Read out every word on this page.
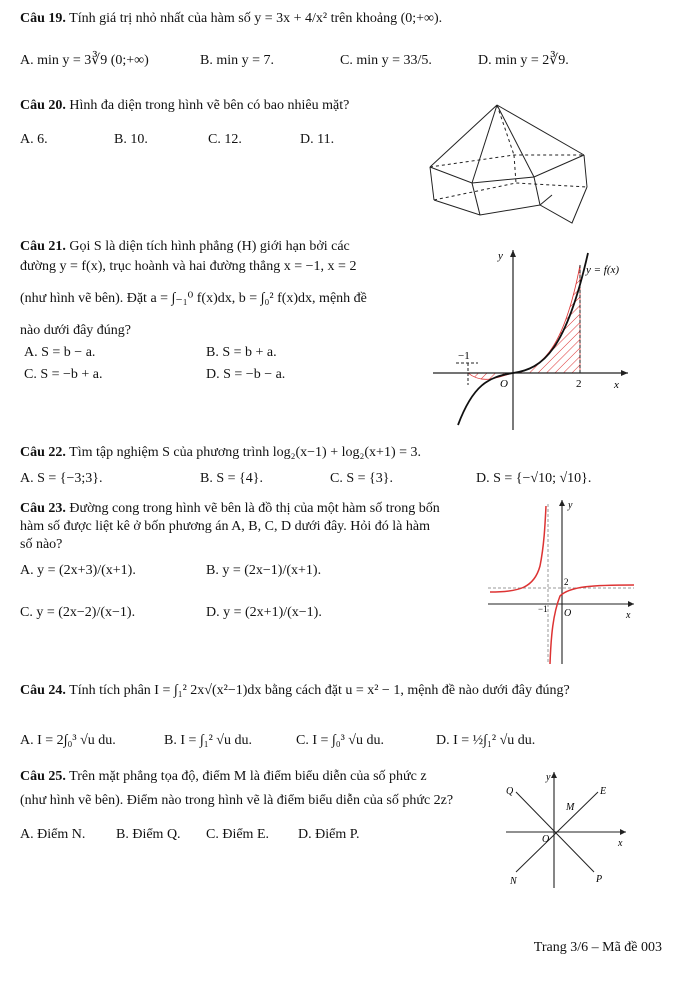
Câu 19. Tính giá trị nhỏ nhất của hàm số y = 3x + 4/x² trên khoảng (0;+∞).
A. min y = 3∛9 (0;+∞)	B. min y = 7.	C. min y = 33/5.	D. min y = 2∛9.
Câu 20. Hình đa diện trong hình vẽ bên có bao nhiêu mặt?
A. 6.	B. 10.	C. 12.	D. 11.
Câu 21. Gọi S là diện tích hình phẳng (H) giới hạn bởi các
đường y = f(x), trục hoành và hai đường thẳng x = −1, x = 2
(như hình vẽ bên). Đặt a = ∫₋₁⁰ f(x)dx, b = ∫₀² f(x)dx, mệnh đề
nào dưới đây đúng?
A. S = b − a.	B. S = b + a.
C. S = −b + a.	D. S = −b − a.
y
x
O
−1
2
y = f(x)
Câu 22. Tìm tập nghiệm S của phương trình log₂(x−1) + log₂(x+1) = 3.
A. S = {−3;3}.	B. S = {4}.	C. S = {3}.	D. S = {−√10; √10}.
Câu 23. Đường cong trong hình vẽ bên là đồ thị của một hàm số trong bốn
hàm số được liệt kê ở bốn phương án A, B, C, D dưới đây. Hỏi đó là hàm
số nào?
A. y = (2x+3)/(x+1).	B. y = (2x−1)/(x+1).
C. y = (2x−2)/(x−1).	D. y = (2x+1)/(x−1).
y
x
O
2
−1
Câu 24. Tính tích phân I = ∫₁² 2x√(x²−1)dx bằng cách đặt u = x² − 1, mệnh đề nào dưới đây đúng?
A. I = 2∫₀³ √u du.	B. I = ∫₁² √u du.	C. I = ∫₀³ √u du.	D. I = ½∫₁² √u du.
Câu 25. Trên mặt phẳng tọa độ, điểm M là điểm biểu diễn của số phức z
(như hình vẽ bên). Điểm nào trong hình vẽ là điểm biểu diễn của số phức 2z?
A. Điểm N. B. Điểm Q. C. Điểm E. D. Điểm P.
y
x
O
Q	E
M
N	P
Trang 3/6 – Mã đề 003
